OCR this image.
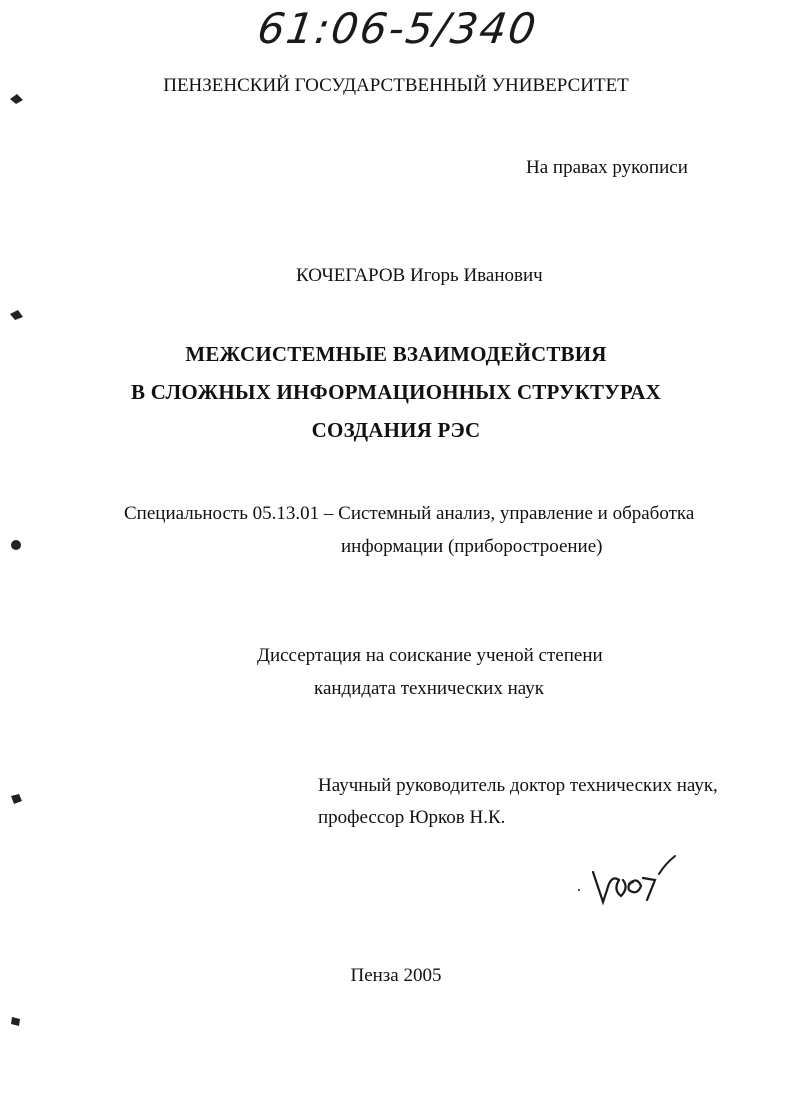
61:06-5/340
ПЕНЗЕНСКИЙ ГОСУДАРСТВЕННЫЙ УНИВЕРСИТЕТ
На правах рукописи
КОЧЕГАРОВ Игорь Иванович
МЕЖСИСТЕМНЫЕ ВЗАИМОДЕЙСТВИЯ
В СЛОЖНЫХ ИНФОРМАЦИОННЫХ СТРУКТУРАХ
СОЗДАНИЯ РЭС
Специальность 05.13.01 – Системный анализ, управление и обработка
информации (приборостроение)
Диссертация на соискание ученой степени
кандидата технических наук
Научный руководитель доктор технических наук,
профессор Юрков Н.К.
Пенза 2005
